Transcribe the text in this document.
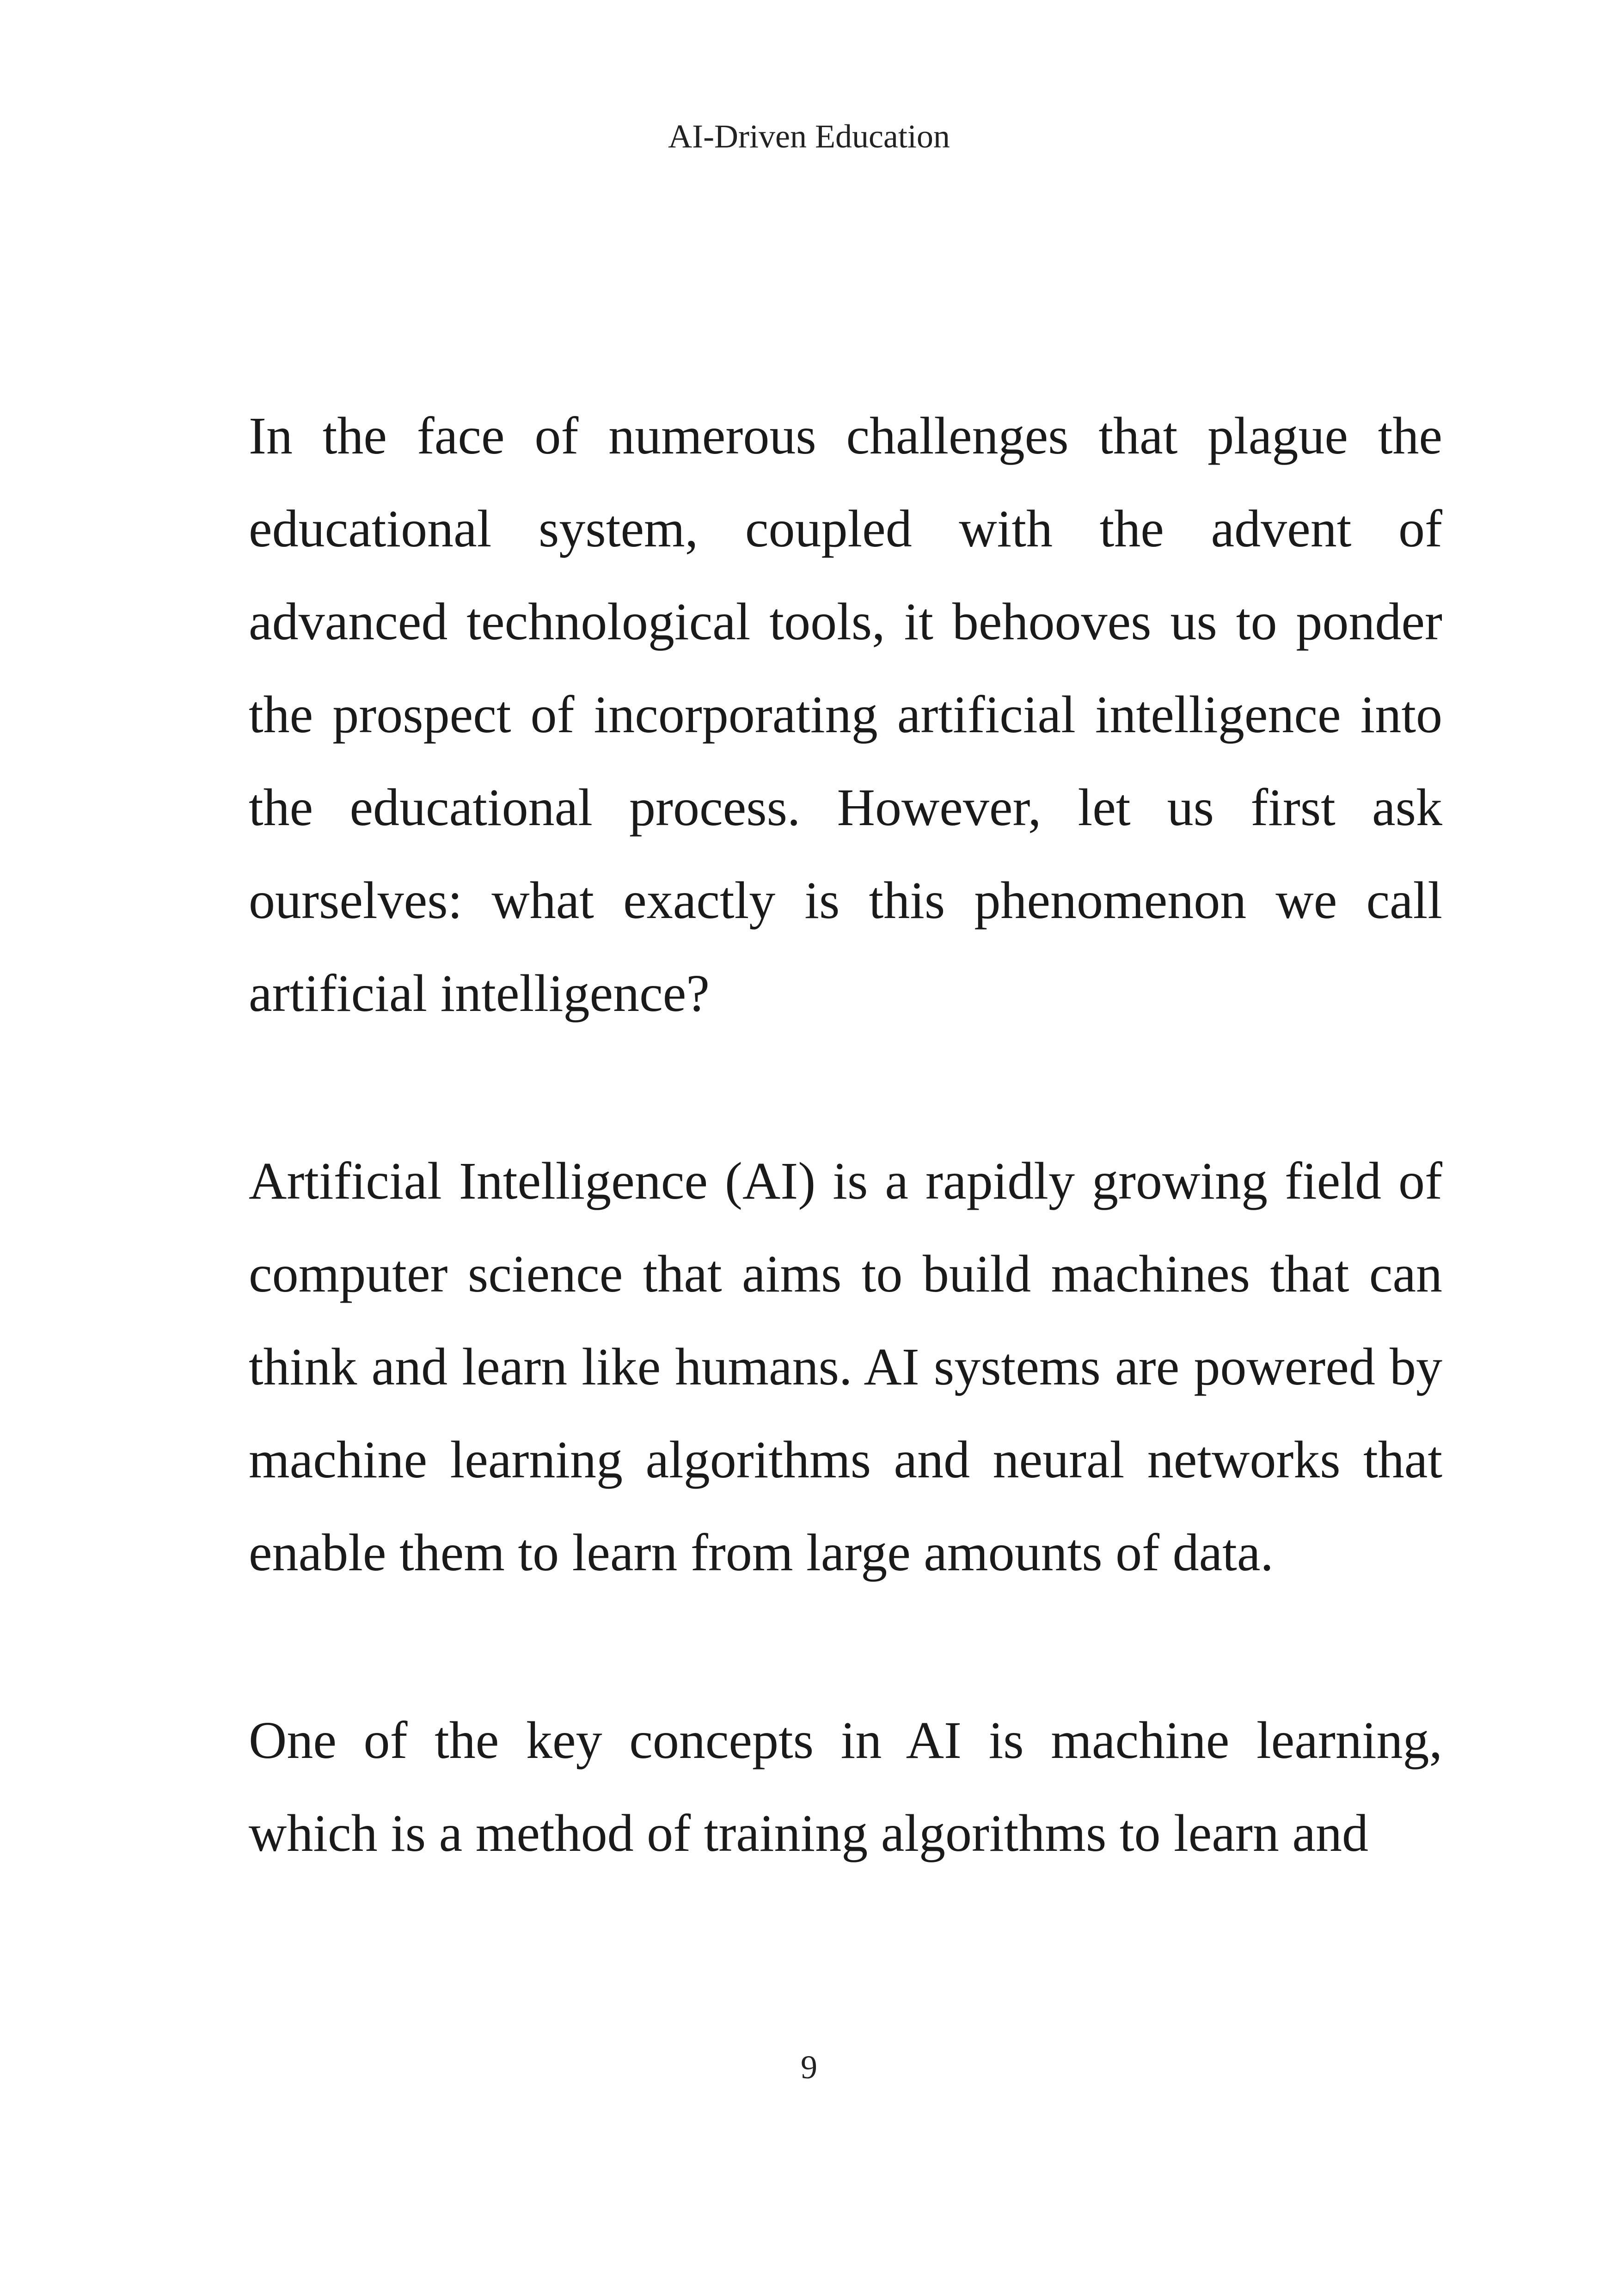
AI-Driven Education

In the face of numerous challenges that plague the educational system, coupled with the advent of advanced technological tools, it behooves us to ponder the prospect of incorporating artificial intelligence into the educational process. However, let us first ask ourselves: what exactly is this phenomenon we call artificial intelligence?

Artificial Intelligence (AI) is a rapidly growing field of computer science that aims to build machines that can think and learn like humans. AI systems are powered by machine learning algorithms and neural networks that enable them to learn from large amounts of data.

One of the key concepts in AI is machine learning, which is a method of training algorithms to learn and

9
